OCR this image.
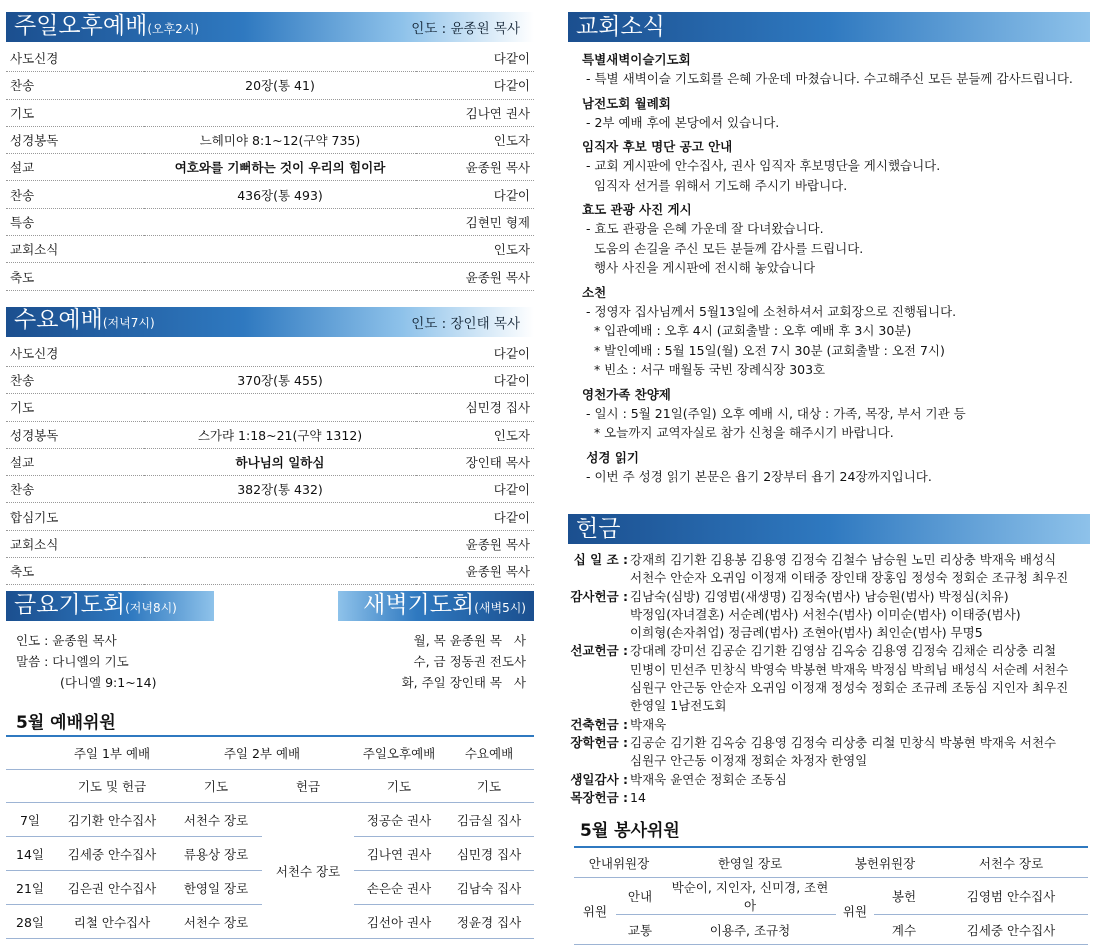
주일오후예배(오후2시)	인도 : 윤종원 목사
사도신경		다같이
찬송	20장(통 41)	다같이
기도		김나연 권사
성경봉독	느헤미야 8:1~12(구약 735)	인도자
설교	여호와를 기뻐하는 것이 우리의 힘이라	윤종원 목사
찬송	436장(통 493)	다같이
특송		김현민 형제
교회소식		인도자
축도		윤종원 목사
수요예배(저녁7시)	인도 : 장인태 목사
사도신경		다같이
찬송	370장(통 455)	다같이
기도		심민경 집사
성경봉독	스가랴 1:18~21(구약 1312)	인도자
설교	하나님의 일하심	장인태 목사
찬송	382장(통 432)	다같이
합심기도		다같이
교회소식		윤종원 목사
축도		윤종원 목사
금요기도회(저녁8시)	새벽기도회(새벽5시)
인도 : 윤종원 목사
말씀 : 다니엘의 기도
(다니엘 9:1~14)
월, 목 윤종원 목   사
수, 금 정동권 전도사
화, 주일 장인태 목   사
5월 예배위원
	주일 1부 예배	주일 2부 예배		주일오후예배	수요예배
	기도 및 헌금	기도	헌금	기도	기도
7일	김기환 안수집사	서천수 장로	서천수 장로	정공순 권사	김금실 집사
14일	김세중 안수집사	류용상 장로		김나연 권사	심민경 집사
21일	김은권 안수집사	한영일 장로		손은순 권사	김남숙 집사
28일	리철 안수집사	서천수 장로		김선아 권사	정윤경 집사
교회소식
특별새벽이슬기도회
- 특별 새벽이슬 기도회를 은혜 가운데 마쳤습니다. 수고해주신 모든 분들께 감사드립니다.
남전도회 월례회
- 2부 예배 후에 본당에서 있습니다.
임직자 후보 명단 공고 안내
- 교회 게시판에 안수집사, 권사 임직자 후보명단을 게시했습니다.
임직자 선거를 위해서 기도해 주시기 바랍니다.
효도 관광 사진 게시
- 효도 관광을 은혜 가운데 잘 다녀왔습니다.
도움의 손길을 주신 모든 분들께 감사를 드립니다.
행사 사진을 게시판에 전시해 놓았습니다
소천
- 정영자 집사님께서 5월13일에 소천하셔서 교회장으로 진행됩니다.
* 입관예배 : 오후 4시 (교회출발 : 오후 예배 후 3시 30분)
* 발인예배 : 5월 15일(월) 오전 7시 30분 (교회출발 : 오전 7시)
* 빈소 : 서구 매월동 국빈 장례식장 303호
영천가족 찬양제
- 일시 : 5월 21일(주일) 오후 예배 시, 대상 : 가족, 목장, 부서 기관 등
* 오늘까지 교역자실로 참가 신청을 해주시기 바랍니다.
성경 읽기
- 이번 주 성경 읽기 본문은 욥기 2장부터 욥기 24장까지입니다.
헌금
십 일 조 : 강재희 김기환 김용봉 김용영 김정숙 김철수 남승원 노민 리상충 박재욱 배성식
서천수 안순자 오귀임 이정재 이태중 장인태 장홍임 정성숙 정회순 조규청 최우진
감사헌금 : 김남숙(심방) 김영범(새생명) 김정숙(범사) 남승원(범사) 박정심(치유)
박정임(자녀결혼) 서순례(범사) 서천수(범사) 이미순(범사) 이태중(범사)
이희형(손자취업) 정금례(범사) 조현아(범사) 최인순(범사) 무명5
선교헌금 : 강대례 강미선 김공순 김기환 김영삼 김옥숭 김용영 김정숙 김채순 리상충 리철
민병이 민선주 민창식 박영숙 박봉현 박재욱 박정심 박희님 배성식 서순례 서천수
심원구 안근동 안순자 오귀임 이정재 정성숙 정회순 조규례 조동심 지인자 최우진
한영일 1남전도회
건축헌금 : 박재욱
장학헌금 : 김공순 김기환 김옥숭 김용영 김정숙 리상충 리철 민창식 박봉현 박재욱 서천수
심원구 안근동 이정재 정회순 차정자 한영일
생일감사 : 박재욱 윤연순 정회순 조동심
목장헌금 : 14
5월 봉사위원
안내위원장		한영일 장로	봉헌위원장		서천수 장로
위원	안내	박순이, 지인자, 신미경, 조현아	위원	봉헌	김영범 안수집사
	교통	이용주, 조규청		계수	김세중 안수집사
